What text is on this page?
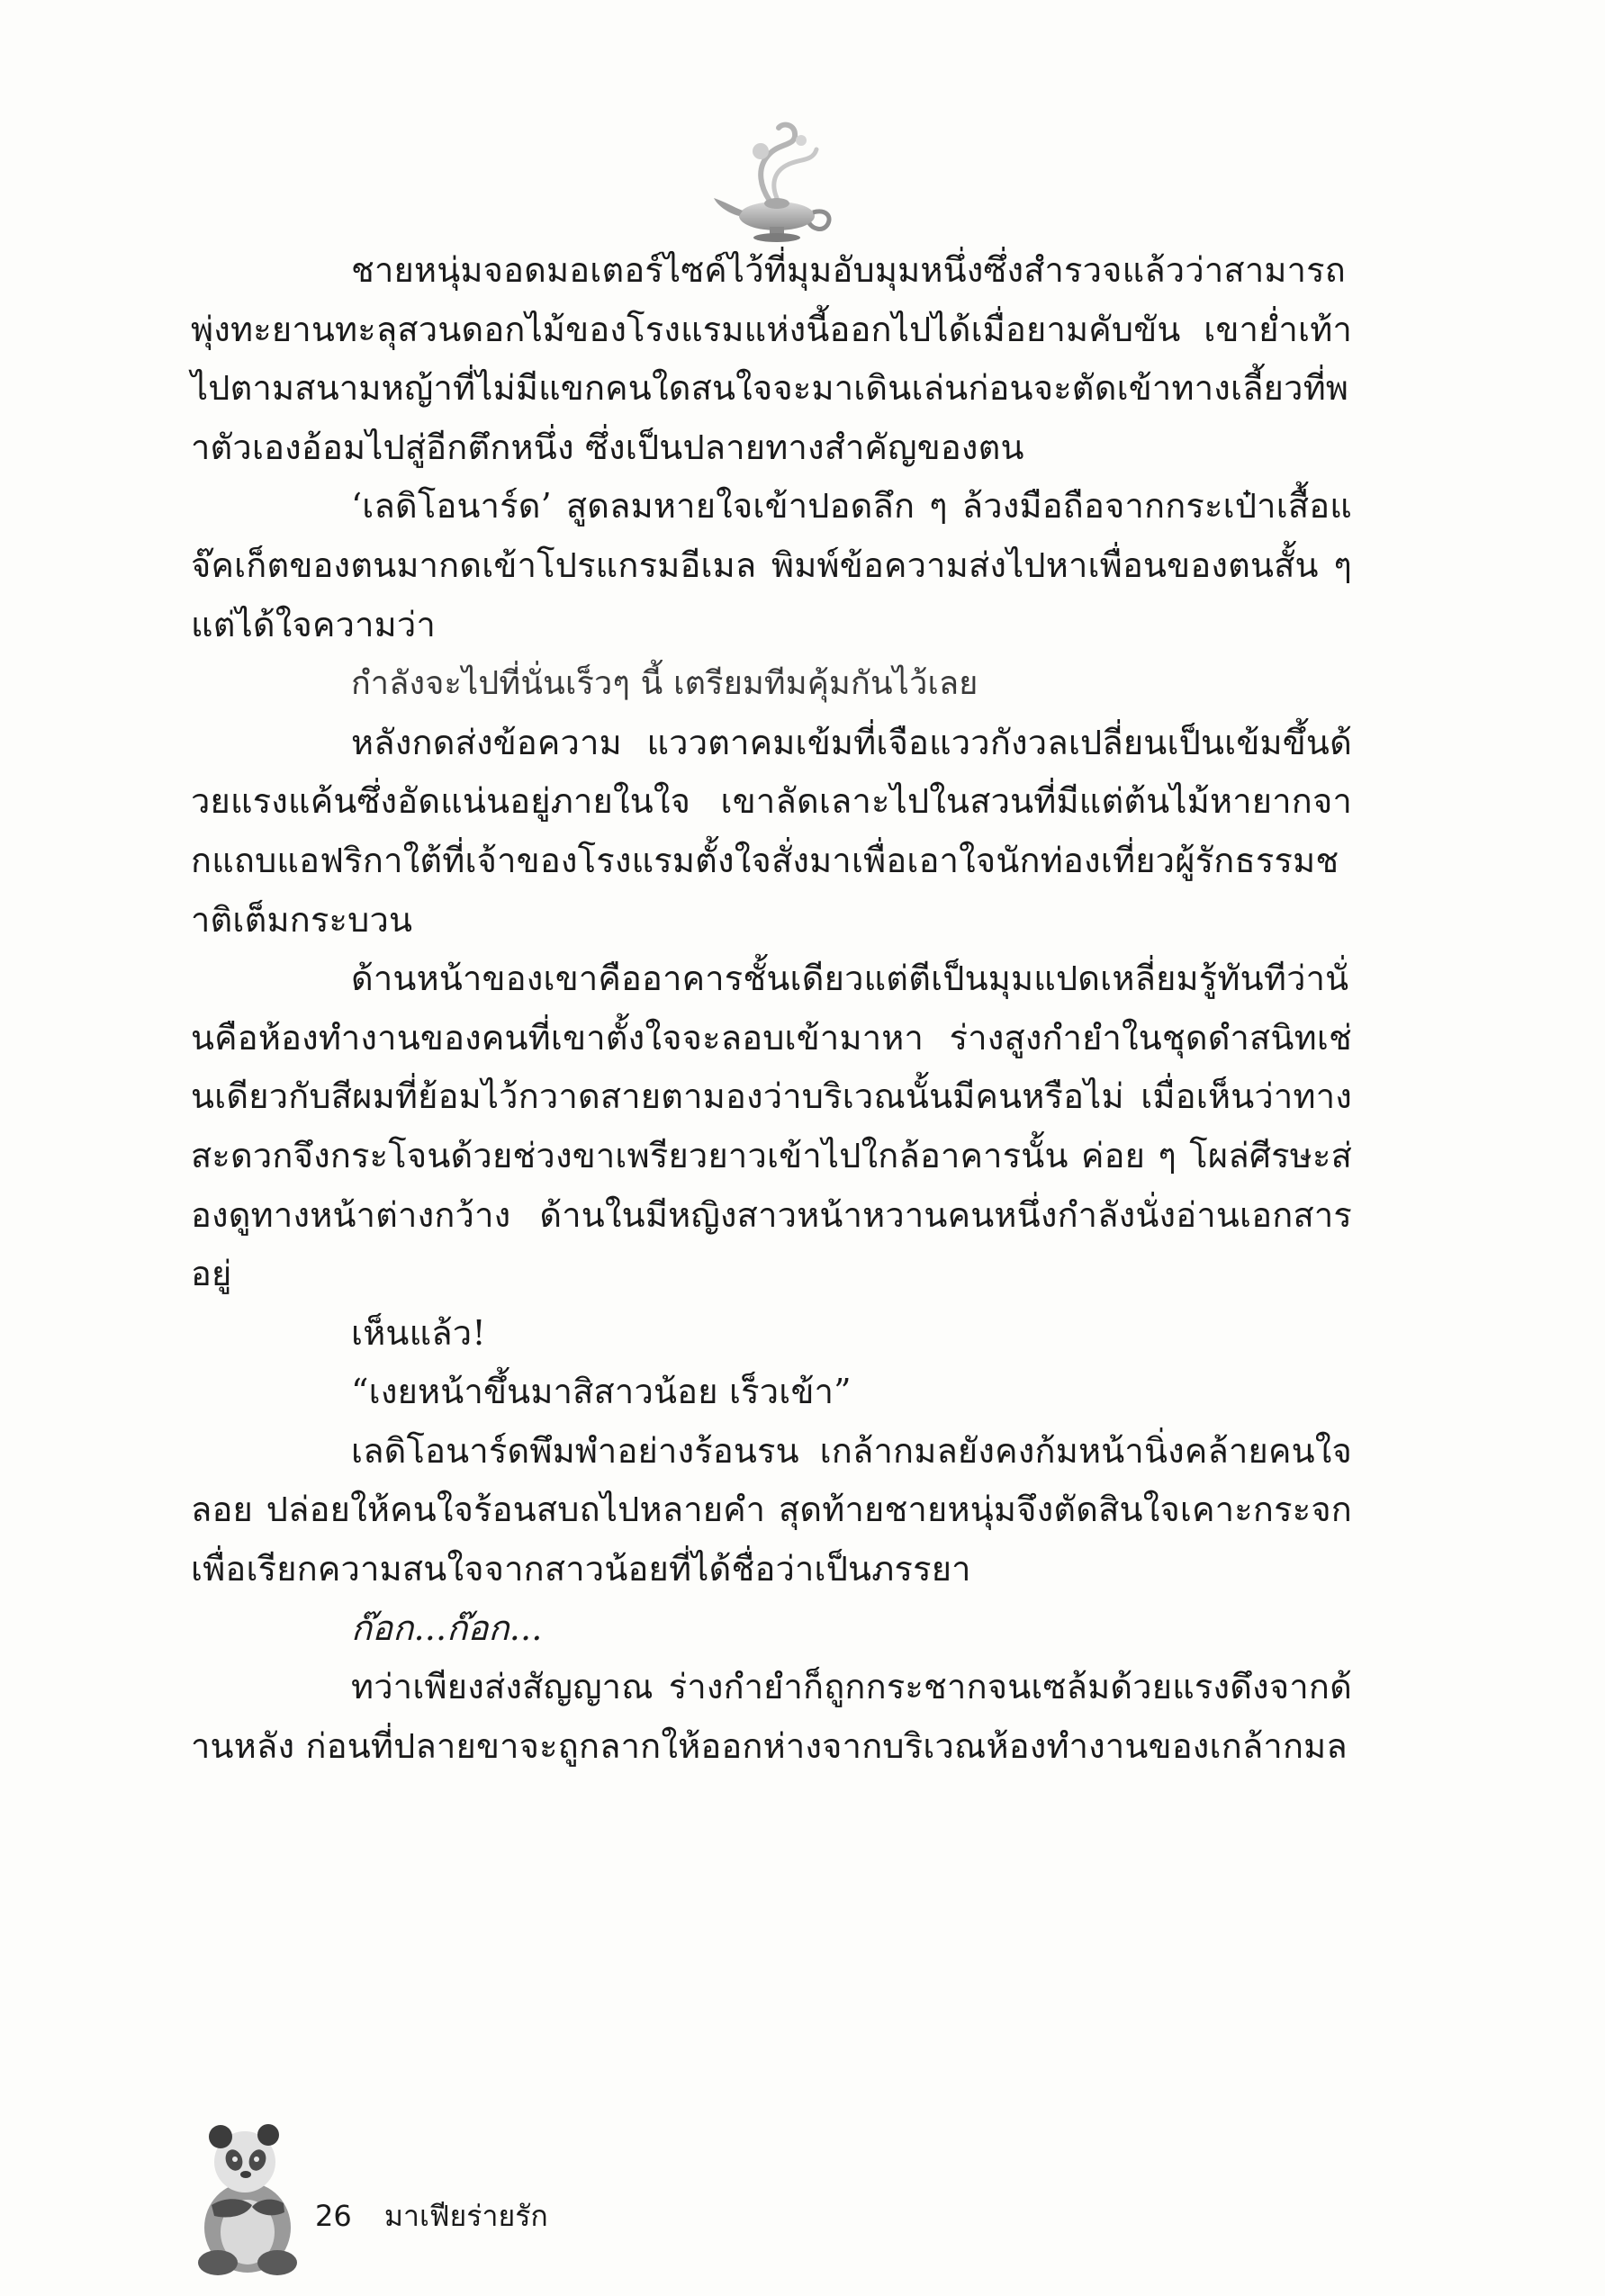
ชายหนุ่มจอดมอเตอร์ไซค์ไว้ที่มุมอับมุมหนึ่งซึ่งสำรวจแล้วว่าสามารถพุ่งทะยานทะลุสวนดอกไม้ของโรงแรมแห่งนี้ออกไปได้เมื่อยามคับขัน เขาย่ำเท้าไปตามสนามหญ้าที่ไม่มีแขกคนใดสนใจจะมาเดินเล่นก่อนจะตัดเข้าทางเลี้ยวที่พาตัวเองอ้อมไปสู่อีกตึกหนึ่ง ซึ่งเป็นปลายทางสำคัญของตน

‘เลดิโอนาร์ด’ สูดลมหายใจเข้าปอดลึก ๆ ล้วงมือถือจากกระเป๋าเสื้อแจ๊คเก็ตของตนมากดเข้าโปรแกรมอีเมล พิมพ์ข้อความส่งไปหาเพื่อนของตนสั้น ๆ แต่ได้ใจความว่า

กำลังจะไปที่นั่นเร็วๆ นี้ เตรียมทีมคุ้มกันไว้เลย

หลังกดส่งข้อความ แววตาคมเข้มที่เจือแววกังวลเปลี่ยนเป็นเข้มขึ้นด้วยแรงแค้นซึ่งอัดแน่นอยู่ภายในใจ เขาลัดเลาะไปในสวนที่มีแต่ต้นไม้หายากจากแถบแอฟริกาใต้ที่เจ้าของโรงแรมตั้งใจสั่งมาเพื่อเอาใจนักท่องเที่ยวผู้รักธรรมชาติเต็มกระบวน

ด้านหน้าของเขาคืออาคารชั้นเดียวแต่ตีเป็นมุมแปดเหลี่ยมรู้ทันทีว่านั่นคือห้องทำงานของคนที่เขาตั้งใจจะลอบเข้ามาหา ร่างสูงกำยำในชุดดำสนิทเช่นเดียวกับสีผมที่ย้อมไว้กวาดสายตามองว่าบริเวณนั้นมีคนหรือไม่ เมื่อเห็นว่าทางสะดวกจึงกระโจนด้วยช่วงขาเพรียวยาวเข้าไปใกล้อาคารนั้น ค่อย ๆ โผล่ศีรษะส่องดูทางหน้าต่างกว้าง ด้านในมีหญิงสาวหน้าหวานคนหนึ่งกำลังนั่งอ่านเอกสารอยู่

เห็นแล้ว!

“เงยหน้าขึ้นมาสิสาวน้อย เร็วเข้า”

เลดิโอนาร์ดพึมพำอย่างร้อนรน เกล้ากมลยังคงก้มหน้านิ่งคล้ายคนใจลอย ปล่อยให้คนใจร้อนสบถไปหลายคำ สุดท้ายชายหนุ่มจึงตัดสินใจเคาะกระจกเพื่อเรียกความสนใจจากสาวน้อยที่ได้ชื่อว่าเป็นภรรยา

ก๊อก...ก๊อก...

ทว่าเพียงส่งสัญญาณ ร่างกำยำก็ถูกกระชากจนเซล้มด้วยแรงดึงจากด้านหลัง ก่อนที่ปลายขาจะถูกลากให้ออกห่างจากบริเวณห้องทำงานของเกล้ากมล

26 มาเฟียร่ายรัก
